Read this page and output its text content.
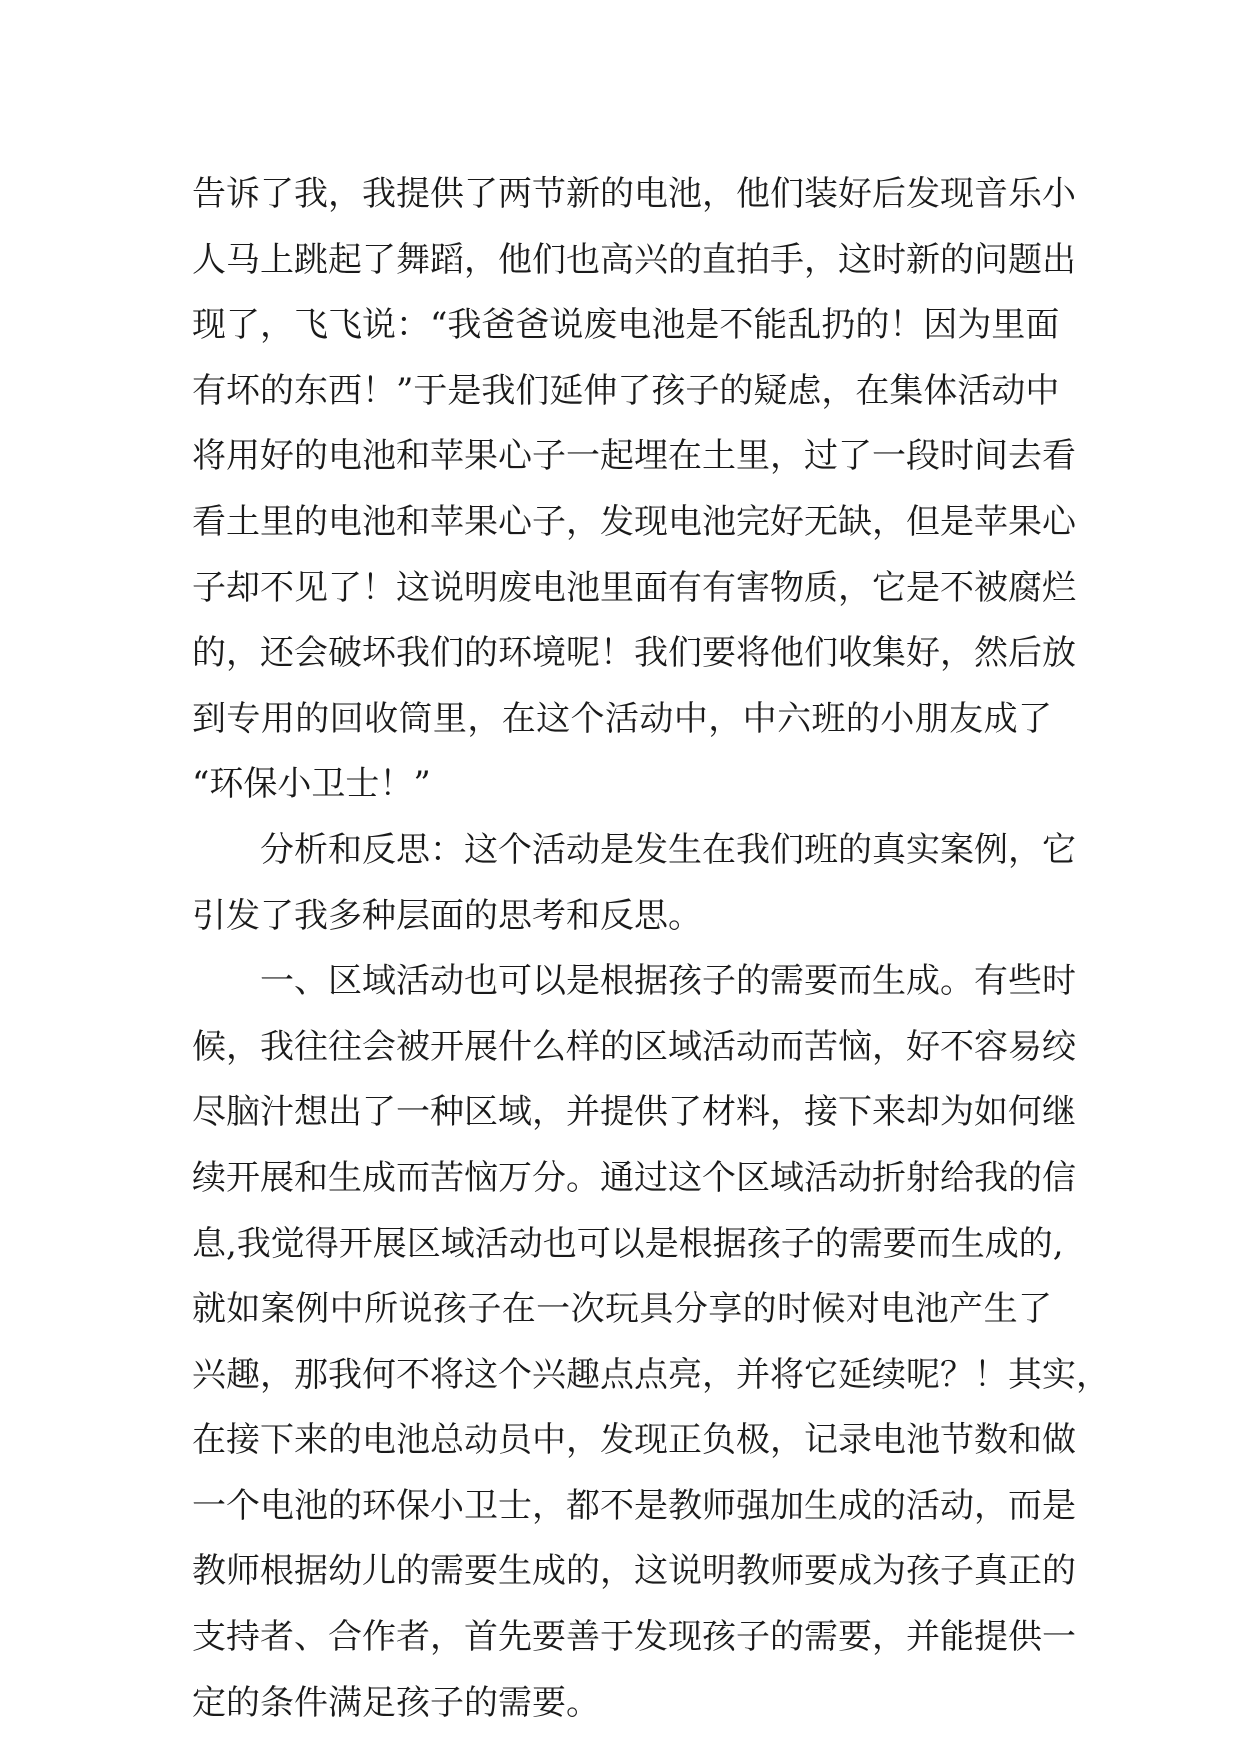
告诉了我，我提供了两节新的电池，他们装好后发现音乐小
人马上跳起了舞蹈，他们也高兴的直拍手，这时新的问题出
现了，飞飞说：“我爸爸说废电池是不能乱扔的！因为里面
有坏的东西！”于是我们延伸了孩子的疑虑，在集体活动中
将用好的电池和苹果心子一起埋在土里，过了一段时间去看
看土里的电池和苹果心子，发现电池完好无缺，但是苹果心
子却不见了！这说明废电池里面有有害物质，它是不被腐烂
的，还会破坏我们的环境呢！我们要将他们收集好，然后放
到专用的回收筒里，在这个活动中，中六班的小朋友成了
“环保小卫士！”
分析和反思：这个活动是发生在我们班的真实案例，它
引发了我多种层面的思考和反思。
一、区域活动也可以是根据孩子的需要而生成。有些时
候，我往往会被开展什么样的区域活动而苦恼，好不容易绞
尽脑汁想出了一种区域，并提供了材料，接下来却为如何继
续开展和生成而苦恼万分。通过这个区域活动折射给我的信
息,我觉得开展区域活动也可以是根据孩子的需要而生成的,
就如案例中所说孩子在一次玩具分享的时候对电池产生了
兴趣，那我何不将这个兴趣点点亮，并将它延续呢？！其实，
在接下来的电池总动员中，发现正负极，记录电池节数和做
一个电池的环保小卫士，都不是教师强加生成的活动，而是
教师根据幼儿的需要生成的，这说明教师要成为孩子真正的
支持者、合作者，首先要善于发现孩子的需要，并能提供一
定的条件满足孩子的需要。
